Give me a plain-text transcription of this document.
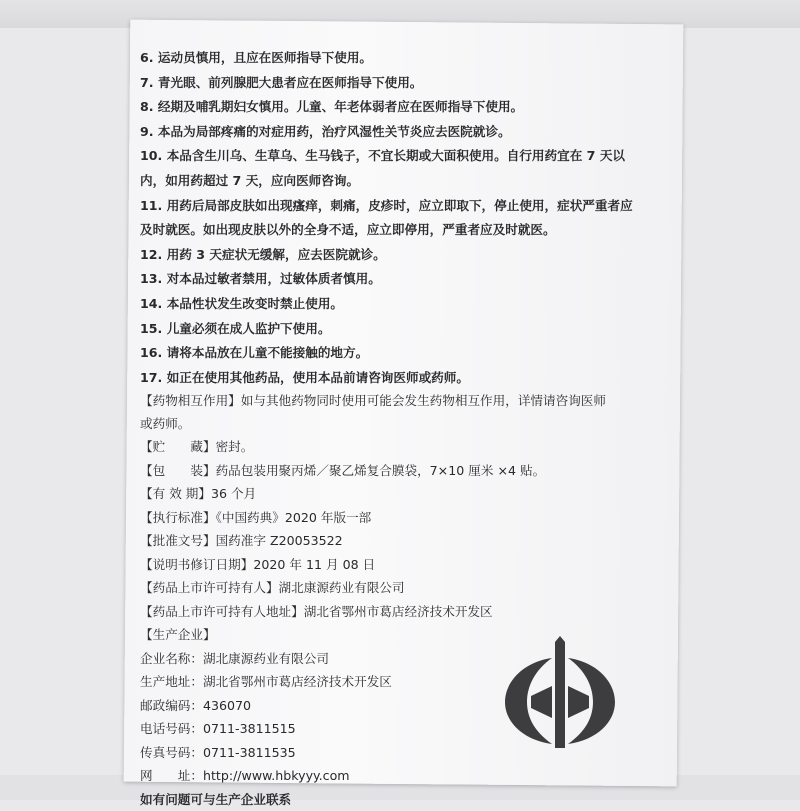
6. 运动员慎用，且应在医师指导下使用。
7. 青光眼、前列腺肥大患者应在医师指导下使用。
8. 经期及哺乳期妇女慎用。儿童、年老体弱者应在医师指导下使用。
9. 本品为局部疼痛的对症用药，治疗风湿性关节炎应去医院就诊。
10. 本品含生川乌、生草乌、生马钱子，不宜长期或大面积使用。自行用药宜在 7 天以
内，如用药超过 7 天，应向医师咨询。
11. 用药后局部皮肤如出现瘙痒，刺痛，皮疹时，应立即取下，停止使用，症状严重者应
及时就医。如出现皮肤以外的全身不适，应立即停用，严重者应及时就医。
12. 用药 3 天症状无缓解，应去医院就诊。
13. 对本品过敏者禁用，过敏体质者慎用。
14. 本品性状发生改变时禁止使用。
15. 儿童必须在成人监护下使用。
16. 请将本品放在儿童不能接触的地方。
17. 如正在使用其他药品，使用本品前请咨询医师或药师。
【药物相互作用】如与其他药物同时使用可能会发生药物相互作用，详情请咨询医师
或药师。
【贮　　藏】密封。
【包　　装】药品包装用聚丙烯／聚乙烯复合膜袋，7×10 厘米 ×4 贴。
【有 效 期】36 个月
【执行标准】《中国药典》2020 年版一部
【批准文号】国药准字 Z20053522
【说明书修订日期】2020 年 11 月 08 日
【药品上市许可持有人】湖北康源药业有限公司
【药品上市许可持有人地址】湖北省鄂州市葛店经济技术开发区
【生产企业】
企业名称：湖北康源药业有限公司
生产地址：湖北省鄂州市葛店经济技术开发区
邮政编码：436070
电话号码：0711-3811515
传真号码：0711-3811535
网　　址：http://www.hbkyyy.com
如有问题可与生产企业联系
